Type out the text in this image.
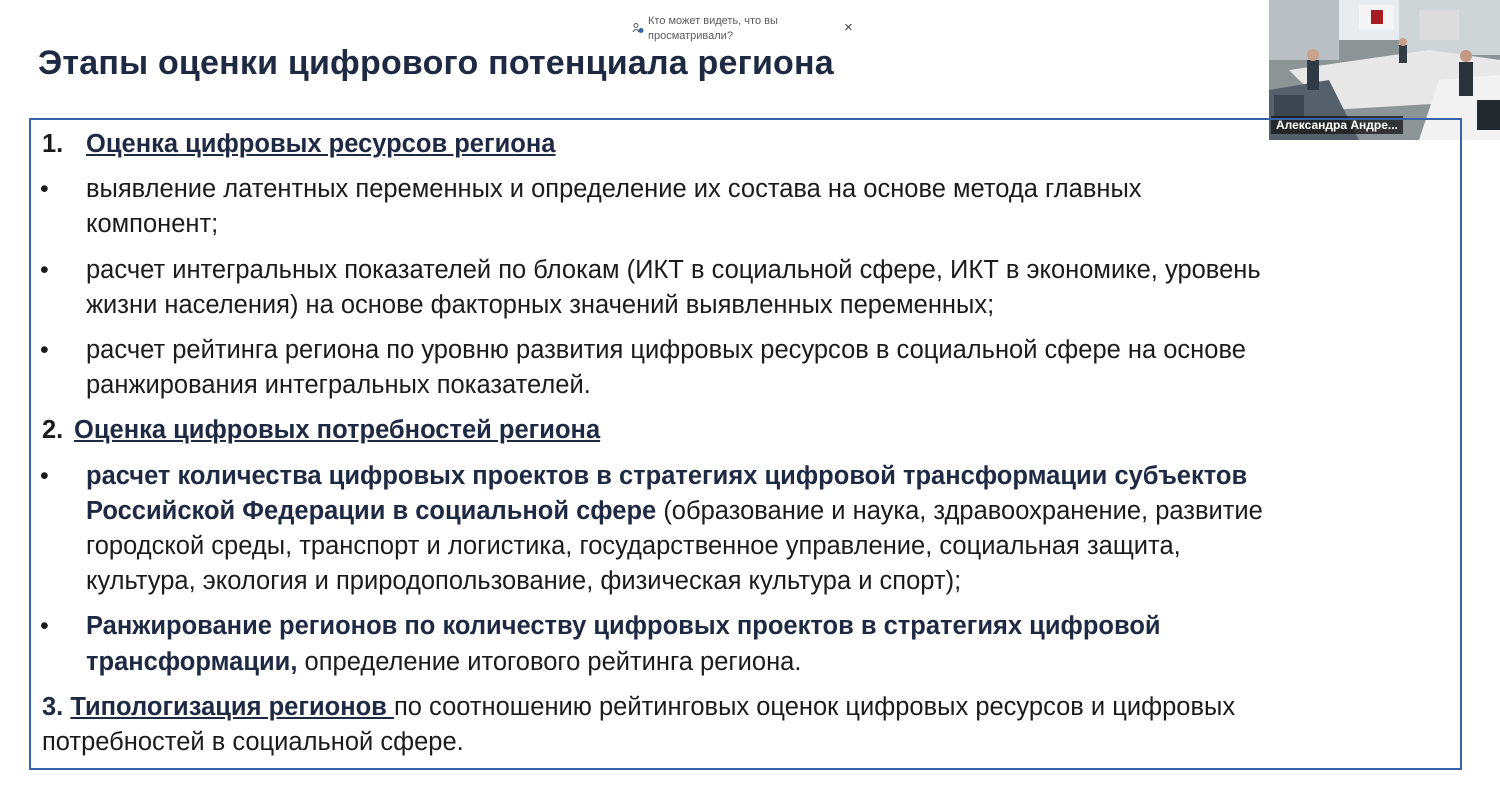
Кто может видеть, что вы
просматривали?	×
Этапы оценки цифрового потенциала региона
Александра Андре...
1. Оценка цифровых ресурсов региона
• выявление латентных переменных и определение их состава на основе метода главных
компонент;
• расчет интегральных показателей по блокам (ИКТ в социальной сфере, ИКТ в экономике, уровень
жизни населения) на основе факторных значений выявленных переменных;
• расчет рейтинга региона по уровню развития цифровых ресурсов в социальной сфере на основе
ранжирования интегральных показателей.
2. Оценка цифровых потребностей региона
• расчет количества цифровых проектов в стратегиях цифровой трансформации субъектов
Российской Федерации в социальной сфере (образование и наука, здравоохранение, развитие
городской среды, транспорт и логистика, государственное управление, социальная защита,
культура, экология и природопользование, физическая культура и спорт);
• Ранжирование регионов по количеству цифровых проектов в стратегиях цифровой
трансформации, определение итогового рейтинга региона.
3. Типологизация регионов по соотношению рейтинговых оценок цифровых ресурсов и цифровых
потребностей в социальной сфере.
